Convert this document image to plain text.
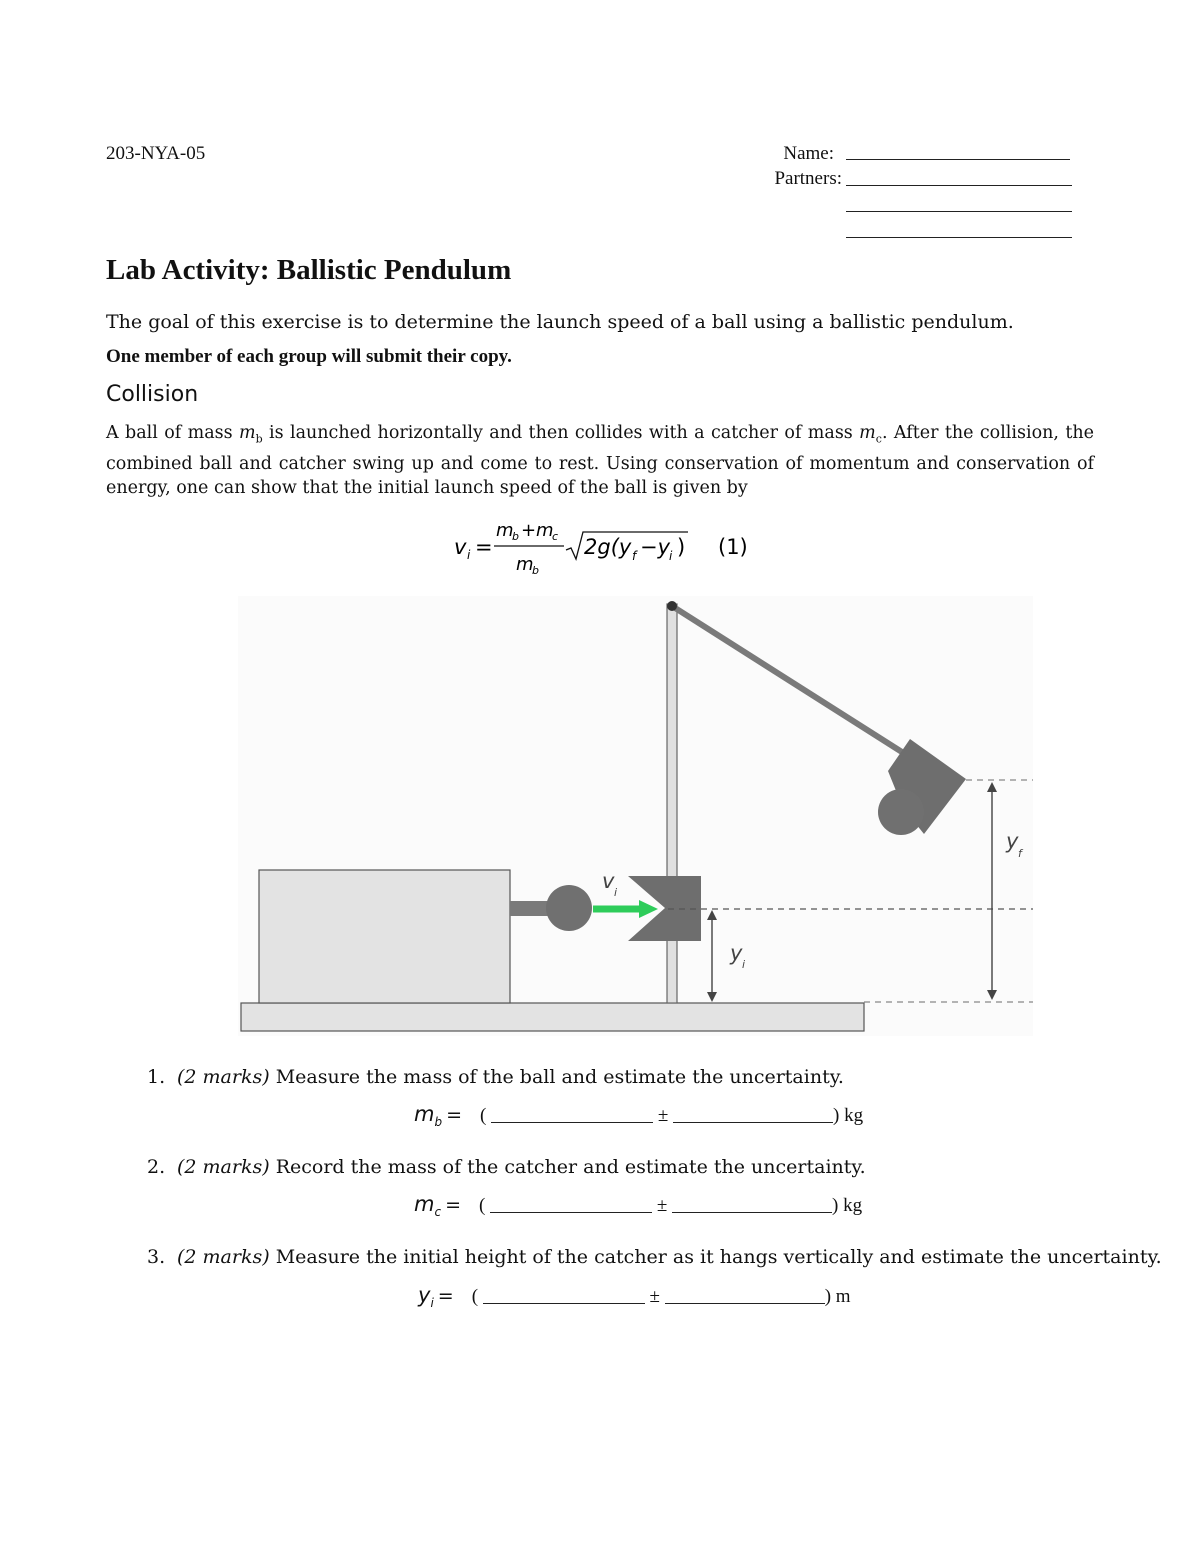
203-NYA-05	Name:
Partners:
Lab Activity: Ballistic Pendulum
The goal of this exercise is to determine the launch speed of a ball using a ballistic pendulum.
One member of each group will submit their copy.
Collision
A ball of mass $m_b$ is launched horizontally and then collides with a catcher of mass $m_c$. After the collision, the combined ball and catcher swing up and come to rest. Using conservation of momentum and conservation of energy, one can show that the initial launch speed of the ball is given by
v i =
m
b + m
c
m
b
2g(y f −y
i ) (1)
v i
y i
y
f
1. (2 marks) Measure the mass of the ball and estimate the uncertainty.
$m_b$ = (	±	) kg
2. (2 marks) Record the mass of the catcher and estimate the uncertainty.
$m_c$ = (	±	) kg
3. (2 marks) Measure the initial height of the catcher as it hangs vertically and estimate the uncertainty.
$y_i$ = (	±	) m
